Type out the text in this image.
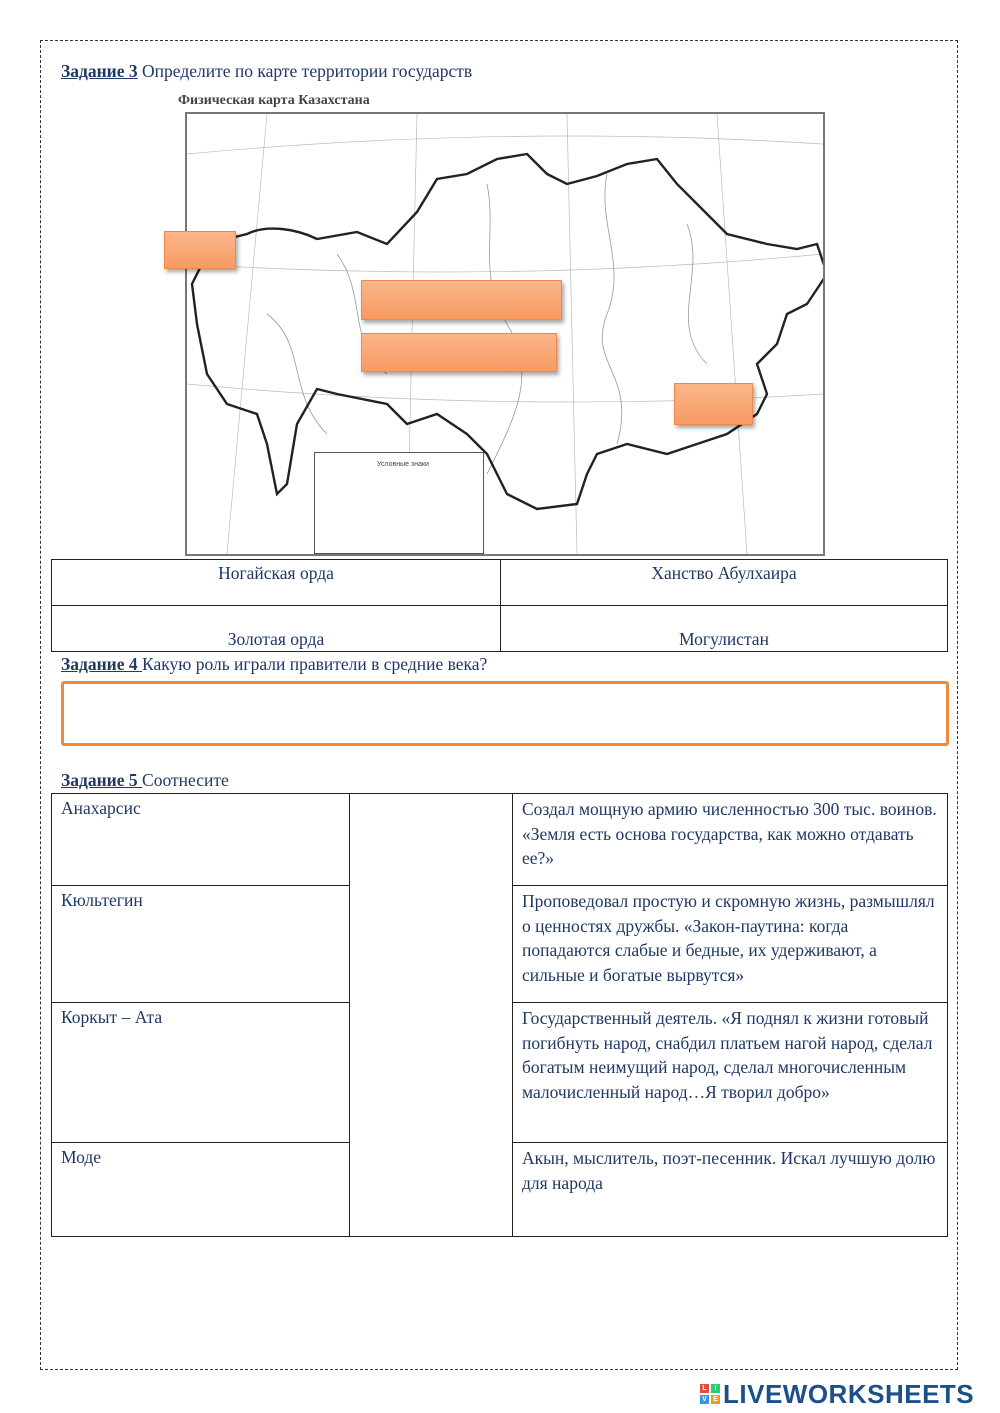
Задание 3 Определите по карте территории государств
Физическая карта Казахстана
Условные знаки
Ногайская орда	Ханство Абулхаира
Золотая орда	Могулистан
Задание 4 Какую роль играли правители в средние века?
Задание 5 Соотнесите
Анахарсис		Создал мощную армию численностью 300 тыс. воинов. «Земля есть основа государства, как можно отдавать ее?»
Кюльтегин		Проповедовал простую и скромную жизнь, размышлял о ценностях дружбы. «Закон-паутина: когда попадаются слабые и бедные, их удерживают, а сильные и богатые вырвутся»
Коркыт – Ата		Государственный деятель. «Я поднял к жизни готовый погибнуть народ, снабдил платьем нагой народ, сделал богатым неимущий народ, сделал многочисленным малочисленный народ…Я творил добро»
Моде		Акын, мыслитель, поэт-песенник. Искал лучшую долю для народа
L	I
V E LIVEWORKSHEETS
